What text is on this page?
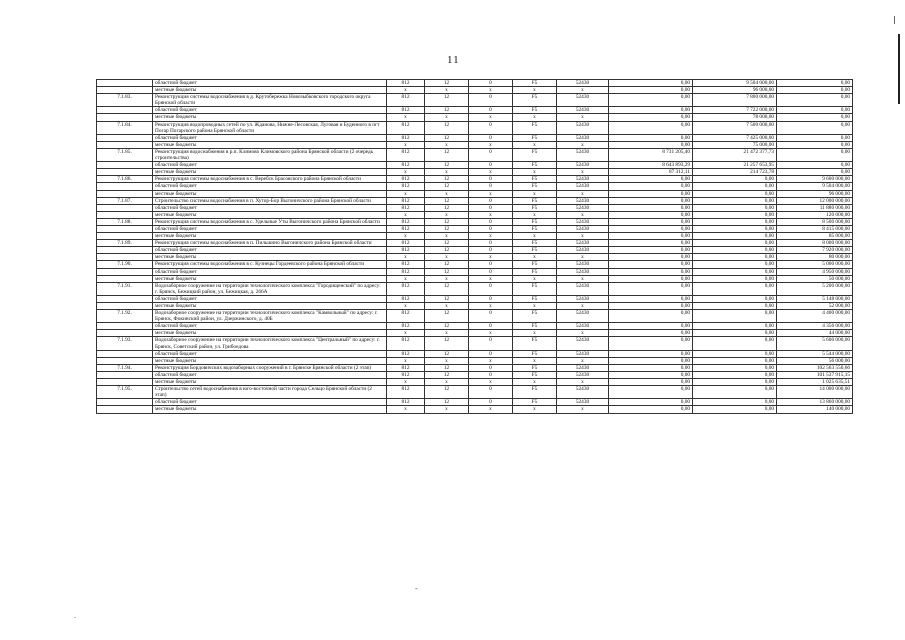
11
	областной бюджет	812	12	0	F5	52430	0,00	9 504 000,00	0,00
	местные бюджеты	x	x	x	x	x	0,00	96 000,00	0,00
7.1.83.	Реконструкция системы водоснабжения в д. Крутобережка Новозыбковского городского округа Брянской области	812	12	0	F5	52430	0,00	7 800 000,00	0,00
	областной бюджет	812	12	0	F5	52430	0,00	7 722 000,00	0,00
	местные бюджеты	x	x	x	x	x	0,00	78 000,00	0,00
7.1.84.	Реконструкция водопроводных сетей по ул. Жданова, Нижне-Лесовская, Луговая и Буденного в пгт Погар Погарского района Брянской области	812	12	0	F5	52430	0,00	7 500 000,00	0,00
	областной бюджет	812	12	0	F5	52430	0,00	7 425 000,00	0,00
	местные бюджеты	x	x	x	x	x	0,00	75 000,00	0,00
7.1.85.	Реконструкция водоснабжения в р.п. Климово Климовского района Брянской области (2 очередь строительства)	812	12	0	F5	52430	8 731 205,40	21 472 377,73	0,00
	областной бюджет	812	12	0	F5	52430	8 643 893,29	21 257 653,95	0,00
	местные бюджеты	x	x	x	x	x	87 312,11	214 723,78	0,00
7.1.86.	Реконструкция системы водоснабжения в с. Веребск Брасовского района Брянской области	812	12	0	F5	52430	0,00	0,00	9 600 000,00
	областной бюджет	812	12	0	F5	52430	0,00	0,00	9 504 000,00
	местные бюджеты	x	x	x	x	x	0,00	0,00	96 000,00
7.1.87.	Строительство системы водоснабжения в п. Хутор-Бор Выгоничского района Брянской области	812	12	0	F5	52430	0,00	0,00	12 000 000,00
	областной бюджет	812	12	0	F5	52430	0,00	0,00	11 880 000,00
	местные бюджеты	x	x	x	x	x	0,00	0,00	120 000,00
7.1.88.	Реконструкция системы водоснабжения в с. Удельные Уты Выгоничского района Брянской области	812	12	0	F5	52430	0,00	0,00	8 500 000,00
	областной бюджет	812	12	0	F5	52430	0,00	0,00	8 415 000,00
	местные бюджеты	x	x	x	x	x	0,00	0,00	85 000,00
7.1.89.	Реконструкция системы водоснабжения в п. Пильшино Выгоничского района Брянской области	812	12	0	F5	52430	0,00	0,00	8 000 000,00
	областной бюджет	812	12	0	F5	52430	0,00	0,00	7 920 000,00
	местные бюджеты	x	x	x	x	x	0,00	0,00	80 000,00
7.1.90.	Реконструкция системы водоснабжения в с. Кузнецы Гордеевского района Брянской области	812	12	0	F5	52430	0,00	0,00	5 000 000,00
	областной бюджет	812	12	0	F5	52430	0,00	0,00	4 950 000,00
	местные бюджеты	x	x	x	x	x	0,00	0,00	50 000,00
7.1.91.	Водозаборное сооружение на территории технологического комплекса "Городищенский" по адресу: г. Брянск, Бежицкий район, ул. Бежицкая, д. 266А	812	12	0	F5	52430	0,00	0,00	5 200 000,00
	областной бюджет	812	12	0	F5	52430	0,00	0,00	5 148 000,00
	местные бюджеты	x	x	x	x	x	0,00	0,00	52 000,00
7.1.92.	Водозаборное сооружение на территории технологического комплекса "Камвольный" по адресу: г. Брянск, Фокинский район, ул. Дзержинского, д. 40Б	812	12	0	F5	52430	0,00	0,00	4 400 000,00
	областной бюджет	812	12	0	F5	52430	0,00	0,00	4 356 000,00
	местные бюджеты	x	x	x	x	x	0,00	0,00	44 000,00
7.1.93.	Водозаборное сооружение на территории технологического комплекса "Центральный" по адресу: г. Брянск, Советский район, ул. Грибоедова	812	12	0	F5	52430	0,00	0,00	5 600 000,00
	областной бюджет	812	12	0	F5	52430	0,00	0,00	5 544 000,00
	местные бюджеты	x	x	x	x	x	0,00	0,00	56 000,00
7.1.94.	Реконструкция Бордовичских водозаборных сооружений в г. Брянске Брянской области (2 этап)	812	12	0	F5	52430	0,00	0,00	102 563 550,66
	областной бюджет	812	12	0	F5	52430	0,00	0,00	101 537 915,15
	местные бюджеты	x	x	x	x	x	0,00	0,00	1 025 635,51
7.1.95.	Строительство сетей водоснабжения в юго-восточной части города Сельцо Брянской области (2 этап)	812	12	0	F5	52430	0,00	0,00	14 000 000,00
	областной бюджет	812	12	0	F5	52430	0,00	0,00	13 860 000,00
	местные бюджеты	x	x	x	x	x	0,00	0,00	140 000,00
-
.
